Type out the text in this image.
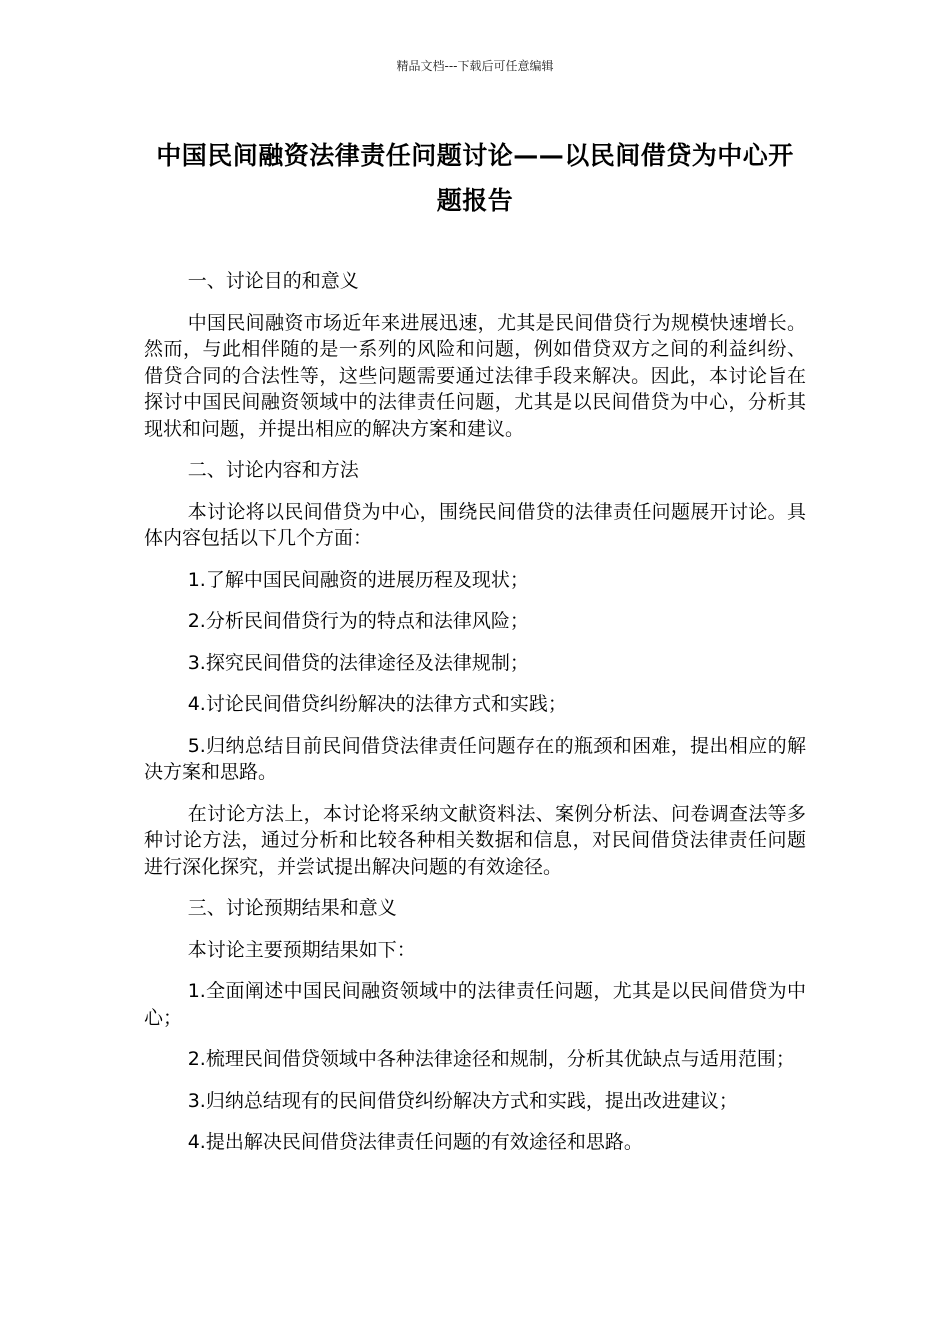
精品文档---下载后可任意编辑
中国民间融资法律责任问题讨论——以民间借贷为中心开题报告

一、讨论目的和意义

中国民间融资市场近年来进展迅速，尤其是民间借贷行为规模快速增长。然而，与此相伴随的是一系列的风险和问题，例如借贷双方之间的利益纠纷、借贷合同的合法性等，这些问题需要通过法律手段来解决。因此，本讨论旨在探讨中国民间融资领域中的法律责任问题，尤其是以民间借贷为中心，分析其现状和问题，并提出相应的解决方案和建议。

二、讨论内容和方法

本讨论将以民间借贷为中心，围绕民间借贷的法律责任问题展开讨论。具体内容包括以下几个方面：

1.了解中国民间融资的进展历程及现状；

2.分析民间借贷行为的特点和法律风险；

3.探究民间借贷的法律途径及法律规制；

4.讨论民间借贷纠纷解决的法律方式和实践；

5.归纳总结目前民间借贷法律责任问题存在的瓶颈和困难，提出相应的解决方案和思路。

在讨论方法上，本讨论将采纳文献资料法、案例分析法、问卷调查法等多种讨论方法，通过分析和比较各种相关数据和信息，对民间借贷法律责任问题进行深化探究，并尝试提出解决问题的有效途径。

三、讨论预期结果和意义

本讨论主要预期结果如下：

1.全面阐述中国民间融资领域中的法律责任问题，尤其是以民间借贷为中心；

2.梳理民间借贷领域中各种法律途径和规制，分析其优缺点与适用范围；

3.归纳总结现有的民间借贷纠纷解决方式和实践，提出改进建议；

4.提出解决民间借贷法律责任问题的有效途径和思路。
